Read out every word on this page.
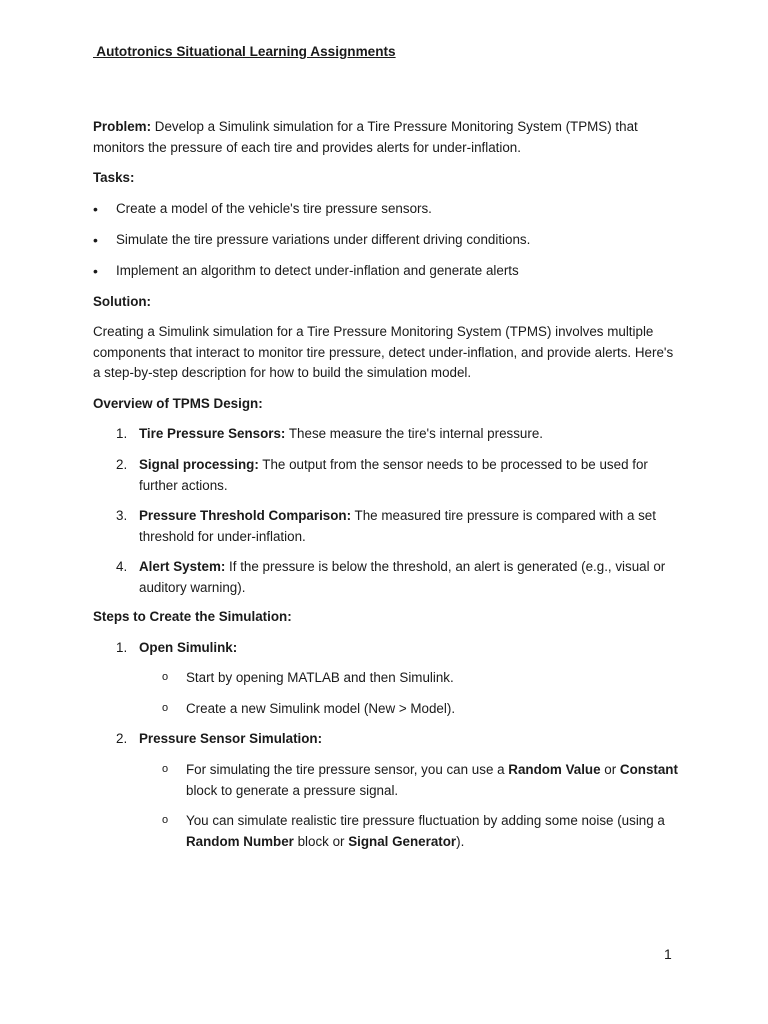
Autotronics Situational Learning Assignments

Problem: Develop a Simulink simulation for a Tire Pressure Monitoring System (TPMS) that monitors the pressure of each tire and provides alerts for under-inflation.

Tasks:

•	Create a model of the vehicle's tire pressure sensors.
•	Simulate the tire pressure variations under different driving conditions.
•	Implement an algorithm to detect under-inflation and generate alerts

Solution:

Creating a Simulink simulation for a Tire Pressure Monitoring System (TPMS) involves multiple components that interact to monitor tire pressure, detect under-inflation, and provide alerts. Here's a step-by-step description for how to build the simulation model.

Overview of TPMS Design:

1. Tire Pressure Sensors: These measure the tire's internal pressure.
2. Signal processing: The output from the sensor needs to be processed to be used for further actions.
3. Pressure Threshold Comparison: The measured tire pressure is compared with a set threshold for under-inflation.
4. Alert System: If the pressure is below the threshold, an alert is generated (e.g., visual or auditory warning).

Steps to Create the Simulation:

1. Open Simulink:
o Start by opening MATLAB and then Simulink.
o Create a new Simulink model (New > Model).
2. Pressure Sensor Simulation:
o For simulating the tire pressure sensor, you can use a Random Value or Constant block to generate a pressure signal.
o You can simulate realistic tire pressure fluctuation by adding some noise (using a Random Number block or Signal Generator).
1
